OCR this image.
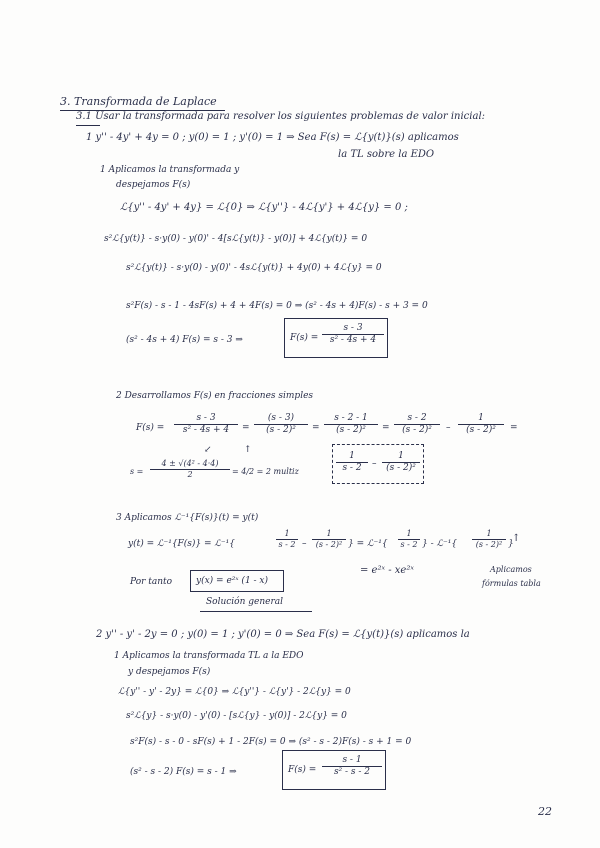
3. Transformada de Laplace
3.1 Usar la transformada para resolver los siguientes problemas de valor inicial:
1 y'' - 4y' + 4y = 0 ; y(0) = 1 ; y'(0) = 1 ⇒ Sea F(s) = ℒ{y(t)}(s) aplicamos
la TL sobre la EDO
1 Aplicamos la transformada y
despejamos F(s)
ℒ{y'' - 4y' + 4y} = ℒ{0} ⇒ ℒ{y''} - 4ℒ{y'} + 4ℒ{y} = 0 ;
s²ℒ{y(t)} - s·y(0) - y(0)' - 4[sℒ{y(t)} - y(0)] + 4ℒ{y(t)} = 0
s²ℒ{y(t)} - s·y(0) - y(0)' - 4sℒ{y(t)} + 4y(0) + 4ℒ{y} = 0
s²F(s) - s - 1 - 4sF(s) + 4 + 4F(s) = 0 ⇒ (s² - 4s + 4)F(s) - s + 3 = 0
(s² - 4s + 4) F(s) = s - 3 ⇒	$F(s) = \frac{s - 3}{\text{s² - 4s + 4}}$
2 Desarrollamos F(s) en fracciones simples
$F(s) = \frac{s - 3}{\text{s² - 4s + 4}} = \frac{(s - 3)}{\text{(s - 2)²}} = \frac{s - 2 - 1}{\text{(s - 2)²}} = \frac{s - 2}{\text{(s - 2)²}} - \frac{1}{\text{(s - 2)²}}$ =
↙	↑
$s = \frac{\text{4 ± √(4² - 4·4)}}{2} = 4/2 = 2$ multiz	$\frac{1}{s - 2} - \frac{1}{\text{(s - 2)²}}$
3 Aplicamos ℒ⁻¹{F(s)}(t) = y(t)
y(t) = ℒ⁻¹{F(s)} = ℒ⁻¹{	$\frac{1}{s - 2} - \frac{1}{\text{(s - 2)²}}$ } = ℒ⁻¹{ $\frac{1}{s - 2}$ } - ℒ⁻¹{ $\frac{1}{\text{(s - 2)²}}$ }
↑
= e²ˣ - xe²ˣ	Aplicamos
fórmulas tabla
Por tanto	y(x) = e²ˣ (1 - x)
Solución general
2 y'' - y' - 2y = 0 ; y(0) = 1 ; y'(0) = 0 ⇒ Sea F(s) = ℒ{y(t)}(s) aplicamos la
1 Aplicamos la transformada TL a la EDO
y despejamos F(s)
ℒ{y'' - y' - 2y} = ℒ{0} ⇒ ℒ{y''} - ℒ{y'} - 2ℒ{y} = 0
s²ℒ{y} - s·y(0) - y'(0) - [sℒ{y} - y(0)] - 2ℒ{y} = 0
s²F(s) - s - 0 - sF(s) + 1 - 2F(s) = 0 ⇒ (s² - s - 2)F(s) - s + 1 = 0
(s² - s - 2) F(s) = s - 1 ⇒	$F(s) = \frac{s - 1}{\text{s² - s - 2}}$
22
